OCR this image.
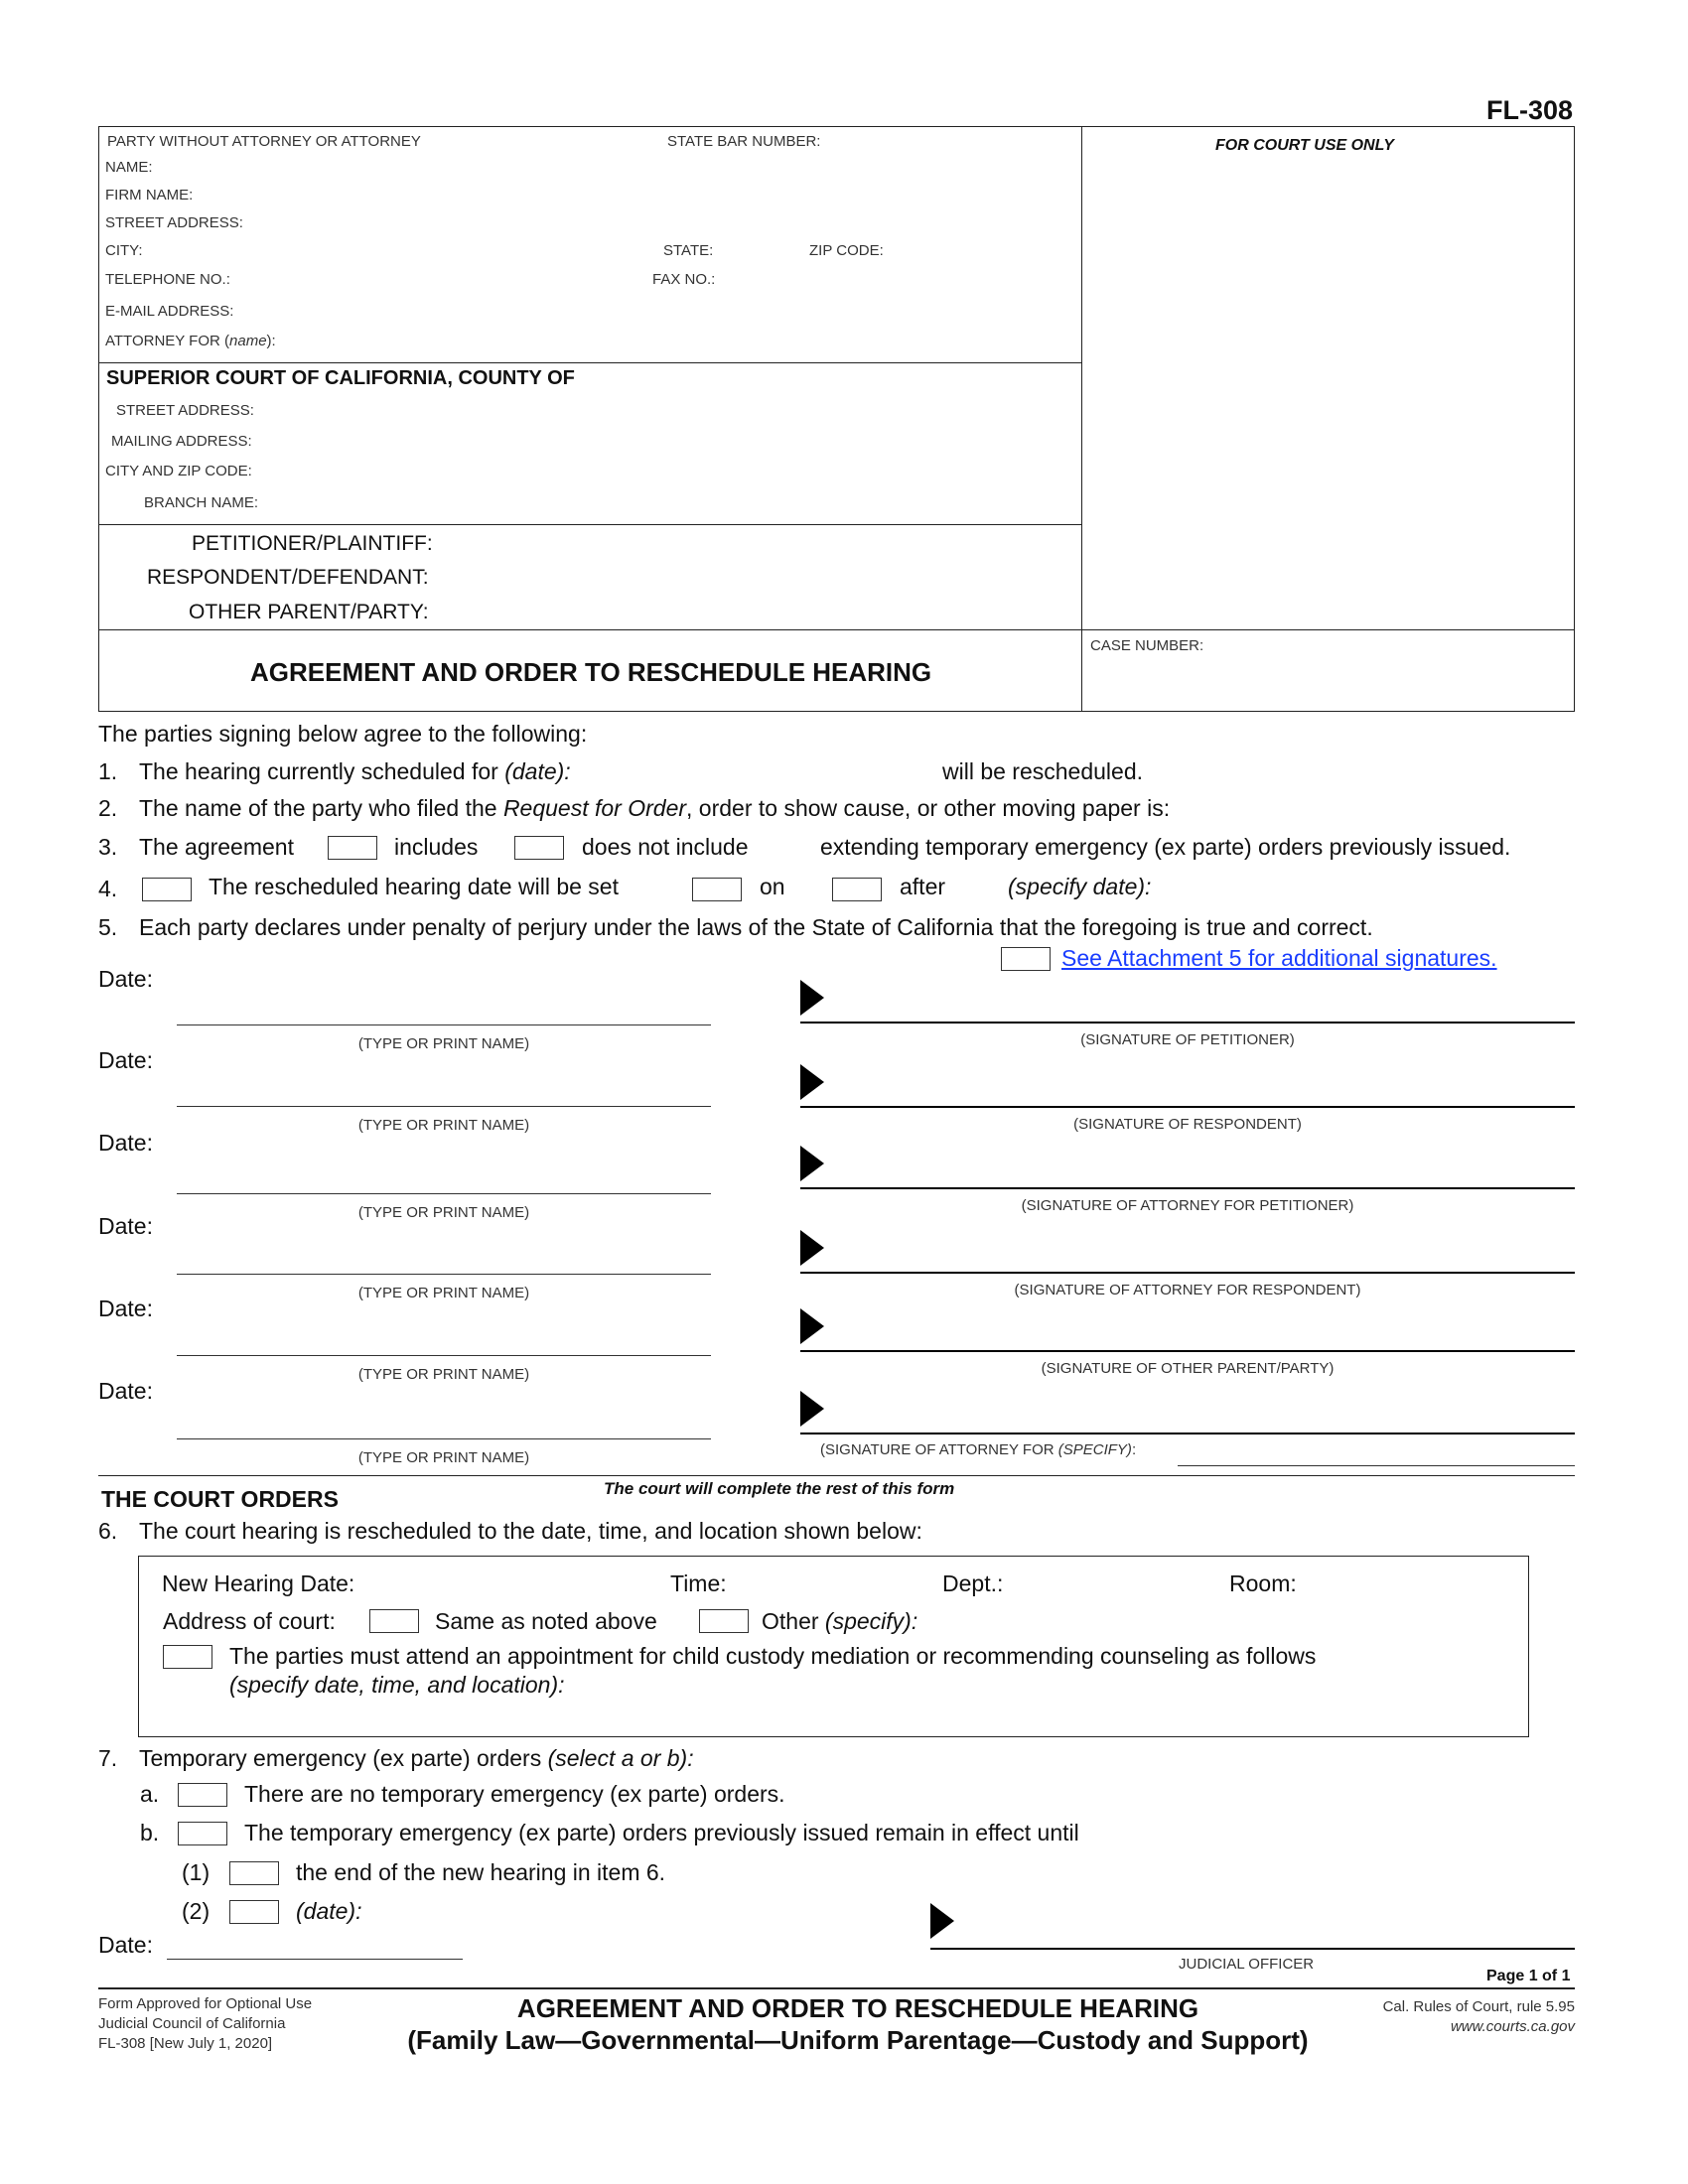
FL-308
PARTY WITHOUT ATTORNEY OR ATTORNEY	STATE BAR NUMBER:
NAME:
FIRM NAME:
STREET ADDRESS:
CITY:	STATE:	ZIP CODE:
TELEPHONE NO.:	FAX NO.:
E-MAIL ADDRESS:
ATTORNEY FOR (name):
FOR COURT USE ONLY
SUPERIOR COURT OF CALIFORNIA, COUNTY OF
STREET ADDRESS:
MAILING ADDRESS:
CITY AND ZIP CODE:
BRANCH NAME:
PETITIONER/PLAINTIFF:
RESPONDENT/DEFENDANT:
OTHER PARENT/PARTY:
AGREEMENT AND ORDER TO RESCHEDULE HEARING
CASE NUMBER:
The parties signing below agree to the following:
1. The hearing currently scheduled for (date):	will be rescheduled.
2. The name of the party who filed the Request for Order, order to show cause, or other moving paper is:
3. The agreement	includes	does not include	extending temporary emergency (ex parte) orders previously issued.
4.	The rescheduled hearing date will be set	on	after	(specify date):
5. Each party declares under penalty of perjury under the laws of the State of California that the foregoing is true and correct.
See Attachment 5 for additional signatures.
Date:
(TYPE OR PRINT NAME)	(SIGNATURE OF PETITIONER)
Date:
(TYPE OR PRINT NAME)	(SIGNATURE OF RESPONDENT)
Date:
(TYPE OR PRINT NAME)	(SIGNATURE OF ATTORNEY FOR PETITIONER)
Date:
(TYPE OR PRINT NAME)	(SIGNATURE OF ATTORNEY FOR RESPONDENT)
Date:
(TYPE OR PRINT NAME)	(SIGNATURE OF OTHER PARENT/PARTY)
Date:
(TYPE OR PRINT NAME)	(SIGNATURE OF ATTORNEY FOR (SPECIFY):
THE COURT ORDERS	The court will complete the rest of this form
6. The court hearing is rescheduled to the date, time, and location shown below:
New Hearing Date:	Time:	Dept.:	Room:
Address of court:	Same as noted above	Other (specify):
The parties must attend an appointment for child custody mediation or recommending counseling as follows
(specify date, time, and location):
7. Temporary emergency (ex parte) orders (select a or b):
a.	There are no temporary emergency (ex parte) orders.
b.	The temporary emergency (ex parte) orders previously issued remain in effect until
(1)	the end of the new hearing in item 6.
(2)	(date):
Date:
JUDICIAL OFFICER
Page 1 of 1
Form Approved for Optional Use
Judicial Council of California
FL-308 [New July 1, 2020]
AGREEMENT AND ORDER TO RESCHEDULE HEARING
(Family Law—Governmental—Uniform Parentage—Custody and Support)
Cal. Rules of Court, rule 5.95
www.courts.ca.gov
